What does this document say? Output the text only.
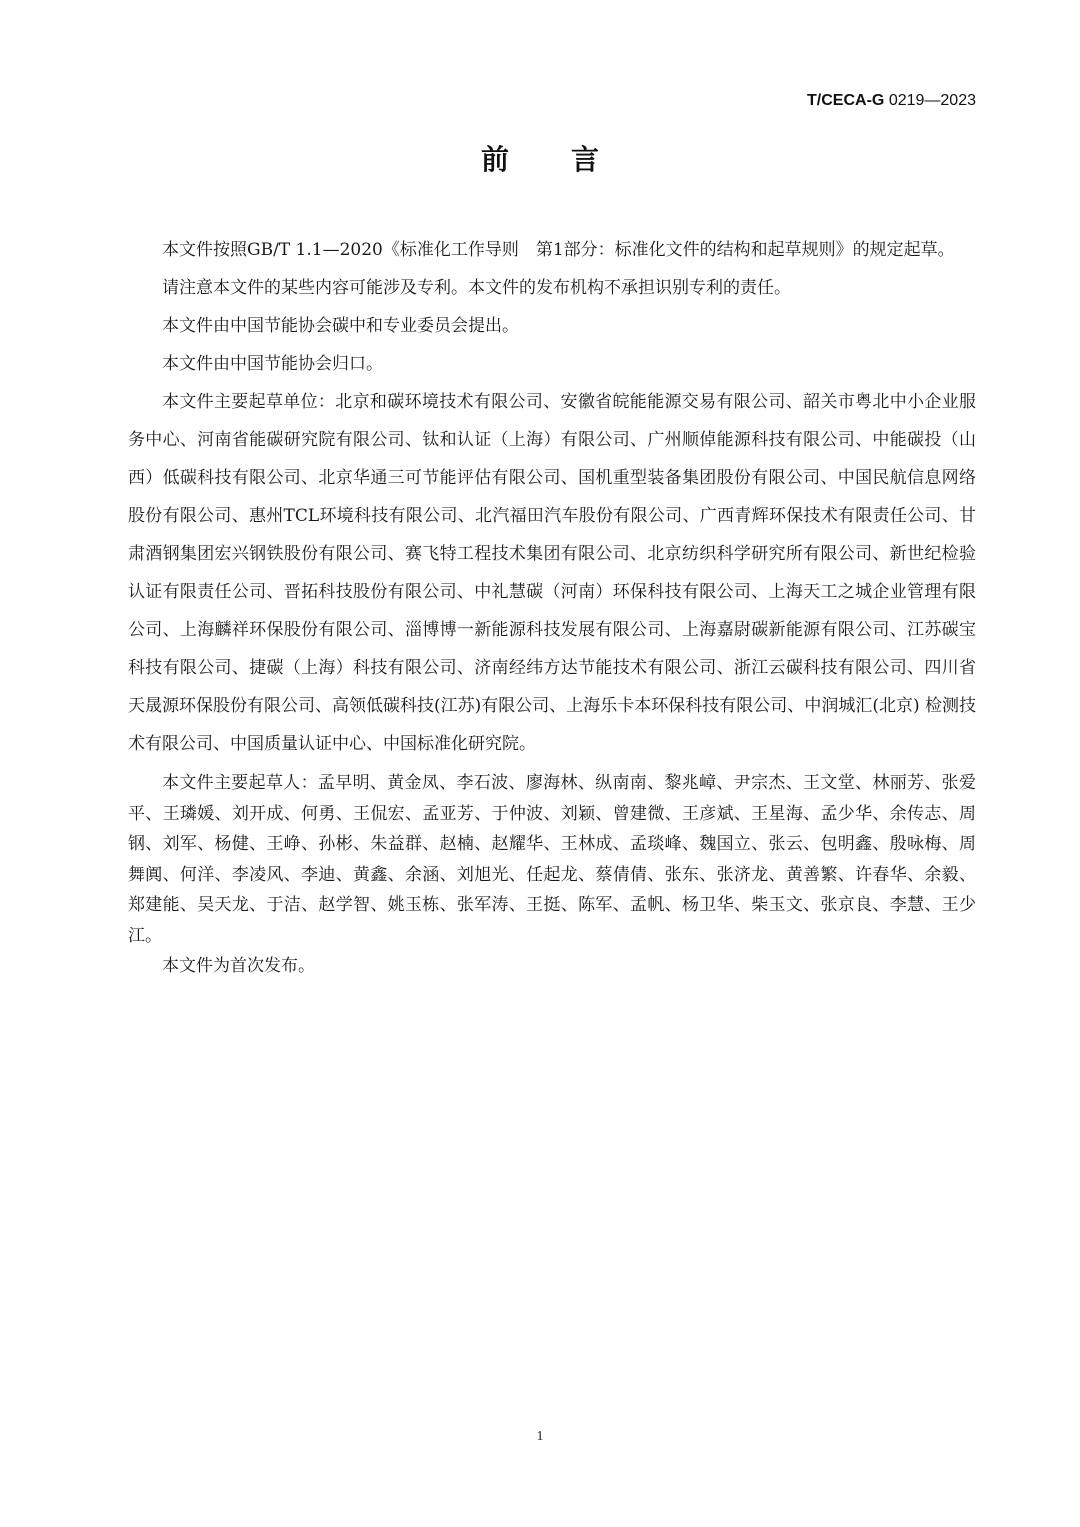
T/CECA-G 0219—2023
前言

本文件按照GB/T 1.1—2020《标准化工作导则　第1部分：标准化文件的结构和起草规则》的规定起草。

请注意本文件的某些内容可能涉及专利。本文件的发布机构不承担识别专利的责任。

本文件由中国节能协会碳中和专业委员会提出。

本文件由中国节能协会归口。

本文件主要起草单位：北京和碳环境技术有限公司、安徽省皖能能源交易有限公司、韶关市粤北中小企业服务中心、河南省能碳研究院有限公司、钛和认证（上海）有限公司、广州顺倬能源科技有限公司、中能碳投（山西）低碳科技有限公司、北京华通三可节能评估有限公司、国机重型装备集团股份有限公司、中国民航信息网络股份有限公司、惠州TCL环境科技有限公司、北汽福田汽车股份有限公司、广西青辉环保技术有限责任公司、甘肃酒钢集团宏兴钢铁股份有限公司、赛飞特工程技术集团有限公司、北京纺织科学研究所有限公司、新世纪检验认证有限责任公司、晋拓科技股份有限公司、中礼慧碳（河南）环保科技有限公司、上海天工之城企业管理有限公司、上海麟祥环保股份有限公司、淄博博一新能源科技发展有限公司、上海嘉尉碳新能源有限公司、江苏碳宝科技有限公司、捷碳（上海）科技有限公司、济南经纬方达节能技术有限公司、浙江云碳科技有限公司、四川省天晟源环保股份有限公司、高领低碳科技(江苏)有限公司、上海乐卡本环保科技有限公司、中润城汇(北京) 检测技术有限公司、中国质量认证中心、中国标准化研究院。

本文件主要起草人：孟早明、黄金凤、李石波、廖海林、纵南南、黎兆嶂、尹宗杰、王文堂、林丽芳、张爱平、王璘媛、刘开成、何勇、王侃宏、孟亚芳、于仲波、刘颖、曾建微、王彦斌、王星海、孟少华、余传志、周钢、刘军、杨健、王峥、孙彬、朱益群、赵楠、赵耀华、王林成、孟琰峰、魏国立、张云、包明鑫、殷咏梅、周舞阗、何洋、李凌风、李迪、黄鑫、余涵、刘旭光、任起龙、蔡倩倩、张东、张济龙、黄善繁、许春华、余毅、郑建能、吴天龙、于洁、赵学智、姚玉栋、张军涛、王挺、陈军、孟帆、杨卫华、柴玉文、张京良、李慧、王少江。

本文件为首次发布。

1
